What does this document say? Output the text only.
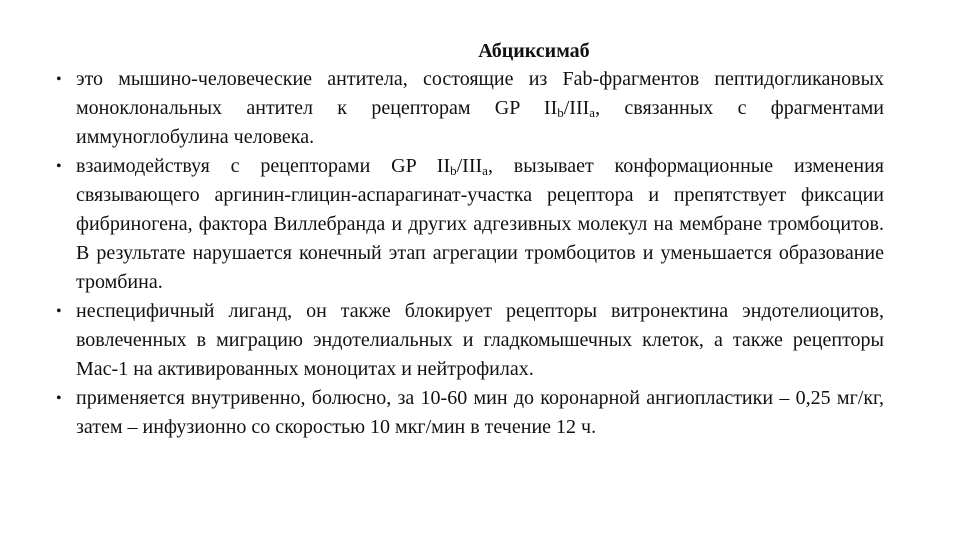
Абциксимаб
• это мышино-человеческие антитела, состоящие из Fab-фрагментов пептидогликановых моноклональных антител к рецепторам GP $II_b/III_a$, связанных с фрагментами иммуноглобулина человека.
• взаимодействуя с рецепторами GP $II_b/III_a$, вызывает конформационные изменения связывающего аргинин-глицин-аспарагинат-участка рецептора и препятствует фиксации фибриногена, фактора Виллебранда и других адгезивных молекул на мембране тромбоцитов. В результате нарушается конечный этап агрегации тромбоцитов и уменьшается образование тромбина.
• неспецифичный лиганд, он также блокирует рецепторы витронектина эндотелиоцитов, вовлеченных в миграцию эндотелиальных и гладкомышечных клеток, а также рецепторы Mac-1 на активированных моноцитах и нейтрофилах.
• применяется внутривенно, болюсно, за 10-60 мин до коронарной ангиопластики – 0,25 мг/кг, затем – инфузионно со скоростью 10 мкг/мин в течение 12 ч.
